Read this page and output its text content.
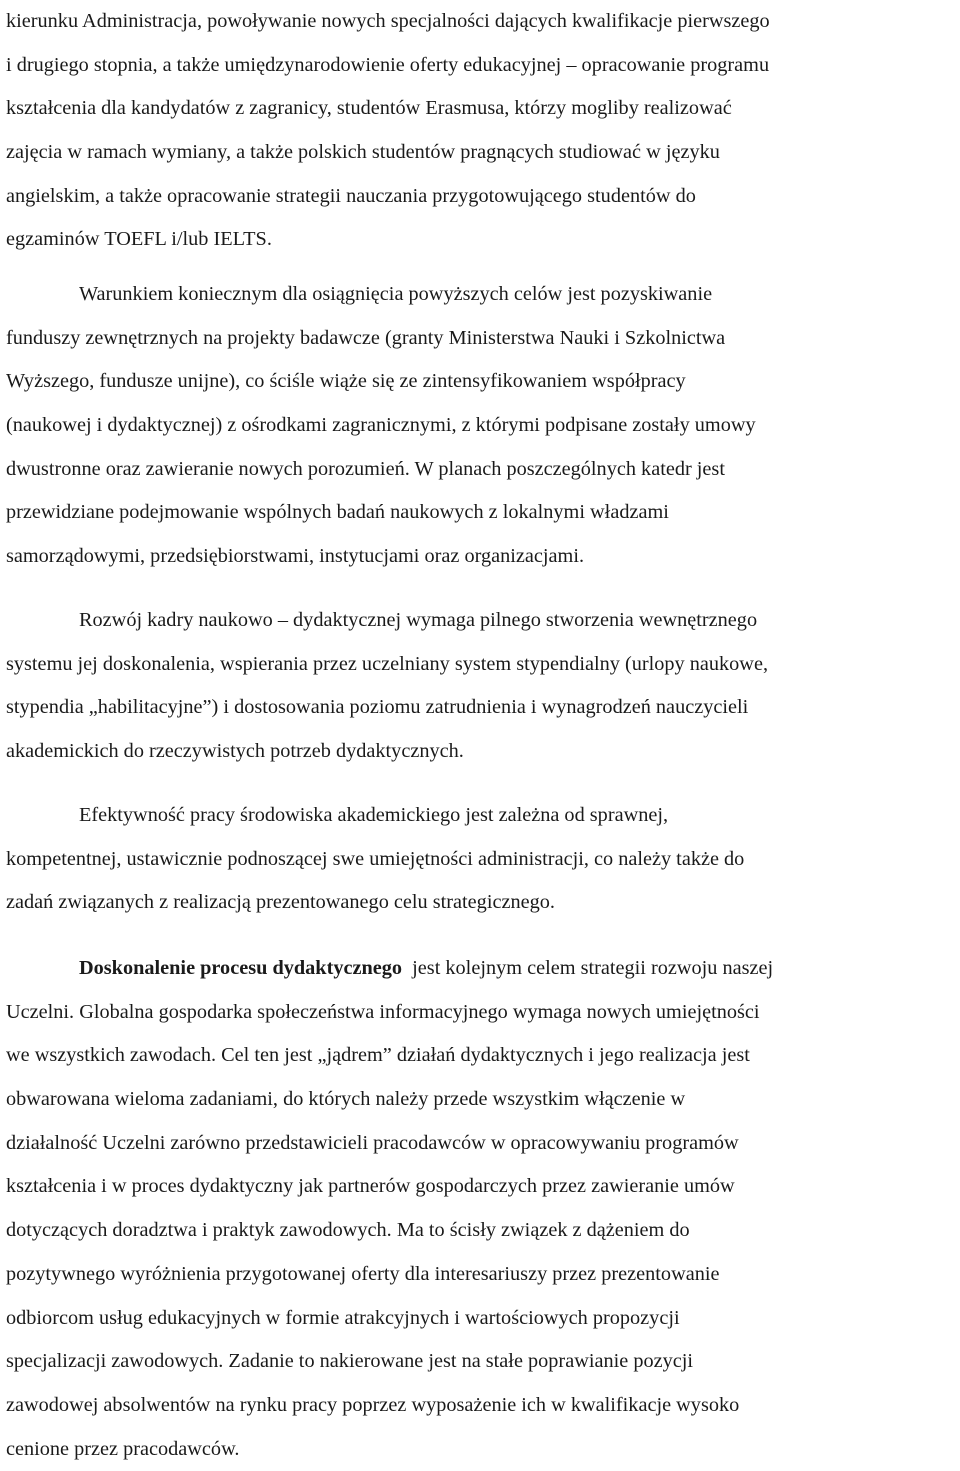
kierunku Administracja, powoływanie nowych specjalności dających kwalifikacje pierwszego
i drugiego stopnia, a także umiędzynarodowienie oferty edukacyjnej – opracowanie programu
kształcenia dla kandydatów z zagranicy, studentów Erasmusa, którzy mogliby realizować
zajęcia w ramach wymiany, a także polskich studentów pragnących studiować w języku
angielskim, a także opracowanie strategii nauczania przygotowującego studentów do
egzaminów TOEFL i/lub IELTS.
Warunkiem koniecznym dla osiągnięcia powyższych celów jest pozyskiwanie
funduszy zewnętrznych na projekty badawcze (granty Ministerstwa Nauki i Szkolnictwa
Wyższego, fundusze unijne), co ściśle wiąże się ze zintensyfikowaniem współpracy
(naukowej i dydaktycznej) z ośrodkami zagranicznymi, z którymi podpisane zostały umowy
dwustronne oraz zawieranie nowych porozumień. W planach poszczególnych katedr jest
przewidziane podejmowanie wspólnych badań naukowych z lokalnymi władzami
samorządowymi, przedsiębiorstwami, instytucjami oraz organizacjami.
Rozwój kadry naukowo – dydaktycznej wymaga pilnego stworzenia wewnętrznego
systemu jej doskonalenia, wspierania przez uczelniany system stypendialny (urlopy naukowe,
stypendia „habilitacyjne”) i dostosowania poziomu zatrudnienia i wynagrodzeń nauczycieli
akademickich do rzeczywistych potrzeb dydaktycznych.
Efektywność pracy środowiska akademickiego jest zależna od sprawnej,
kompetentnej, ustawicznie podnoszącej swe umiejętności administracji, co należy także do
zadań związanych z realizacją prezentowanego celu strategicznego.
Doskonalenie procesu dydaktycznego  jest kolejnym celem strategii rozwoju naszej
Uczelni. Globalna gospodarka społeczeństwa informacyjnego wymaga nowych umiejętności
we wszystkich zawodach. Cel ten jest „jądrem” działań dydaktycznych i jego realizacja jest
obwarowana wieloma zadaniami, do których należy przede wszystkim włączenie w
działalność Uczelni zarówno przedstawicieli pracodawców w opracowywaniu programów
kształcenia i w proces dydaktyczny jak partnerów gospodarczych przez zawieranie umów
dotyczących doradztwa i praktyk zawodowych. Ma to ścisły związek z dążeniem do
pozytywnego wyróżnienia przygotowanej oferty dla interesariuszy przez prezentowanie
odbiorcom usług edukacyjnych w formie atrakcyjnych i wartościowych propozycji
specjalizacji zawodowych. Zadanie to nakierowane jest na stałe poprawianie pozycji
zawodowej absolwentów na rynku pracy poprzez wyposażenie ich w kwalifikacje wysoko
cenione przez pracodawców.
